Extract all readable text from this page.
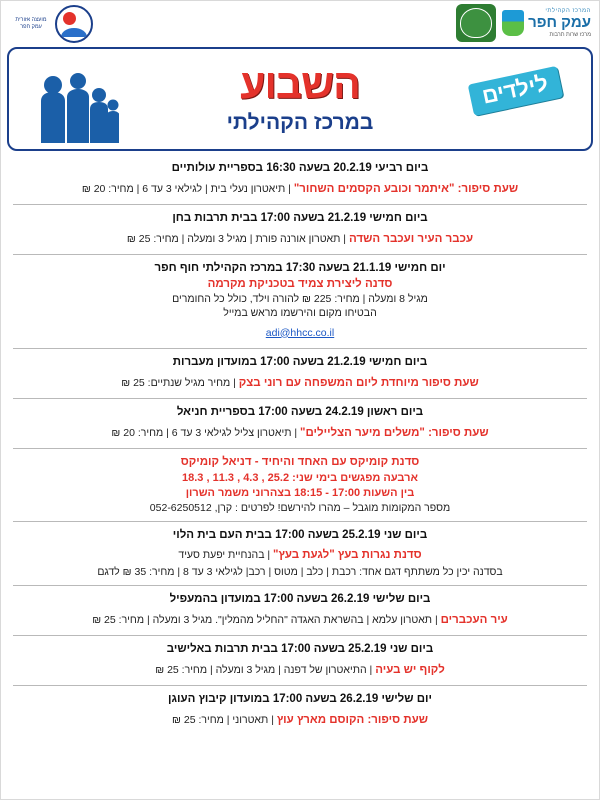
מועצה אזורית עמק חפר
המרכז הקהילתי
עמק חפר
מרכז שרות תרבות
השבוע
במרכז הקהילתי
לילדים
ביום רביעי 20.2.19 בשעה 16:30 בספריית עולותיים
שעת סיפור: "איתמר וכובע הקסמים השחור" | תיאטרון נעלי בית | לגילאי 3 עד 6 | מחיר: 20 ₪
ביום חמישי 21.2.19 בשעה 17:00 בבית תרבות בחן
עכבר העיר ועכבר השדה | תאטרון אורנה פורת | מגיל 3 ומעלה | מחיר: 25 ₪
יום חמישי 21.1.19 בשעה 17:30 במרכז הקהילתי חוף חפר
סדנה ליצירת צמיד בטכניקת מקרמה
מגיל 8 ומעלה | מחיר: 225 ₪ להורה וילד, כולל כל החומרים
הבטיחו מקום והירשמו מראש במייל
adi@hhcc.co.il
ביום חמישי 21.2.19 בשעה 17:00 במועדון מעברות
שעת סיפור מיוחדת ליום המשפחה עם רוני בצק | מחיר מגיל שנתיים: 25 ₪
ביום ראשון 24.2.19 בשעה 17:00 בספריית חניאל
שעת סיפור: "משלים מיער הצליילים" | תיאטרון צליל לגילאי 3 עד 6 | מחיר: 20 ₪
סדנת קומיקס עם האחד והיחיד - דניאל קומיקס
ארבעה מפגשים בימי שני: 25.2 , 4.3 , 11.3 , 18.3
בין השעות 17:00 - 18:15 בצהרוני משמר השרון
מספר המקומות מוגבל – מהרו להירשם! לפרטים : קרן, 052-6250512
ביום שני 25.2.19 בשעה 17:00 בבית העם בית הלוי
סדנת נגרות בעץ "לגעת בעץ" | בהנחיית יפעת סעיד
בסדנה יכין כל משתתף דגם אחד: רכבת | כלב | מטוס | רכב| לגילאי 3 עד 8 | מחיר: 35 ₪ לדגם
ביום שלישי 26.2.19 בשעה 17:00 במועדון בהמעפיל
עיר העכברים | תאטרון עלמא | בהשראת האגדה "החליל מהמלין". מגיל 3 ומעלה | מחיר: 25 ₪
ביום שני 25.2.19 בשעה 17:00 בבית תרבות באלישיב
לקוף יש בעיה | התיאטרון של דפנה | מגיל 3 ומעלה | מחיר: 25 ₪
יום שלישי 26.2.19 בשעה 17:00 במועדון קיבוץ העוגן
שעת סיפור: הקוסם מארץ עוץ | תאטרוני | מחיר: 25 ₪
